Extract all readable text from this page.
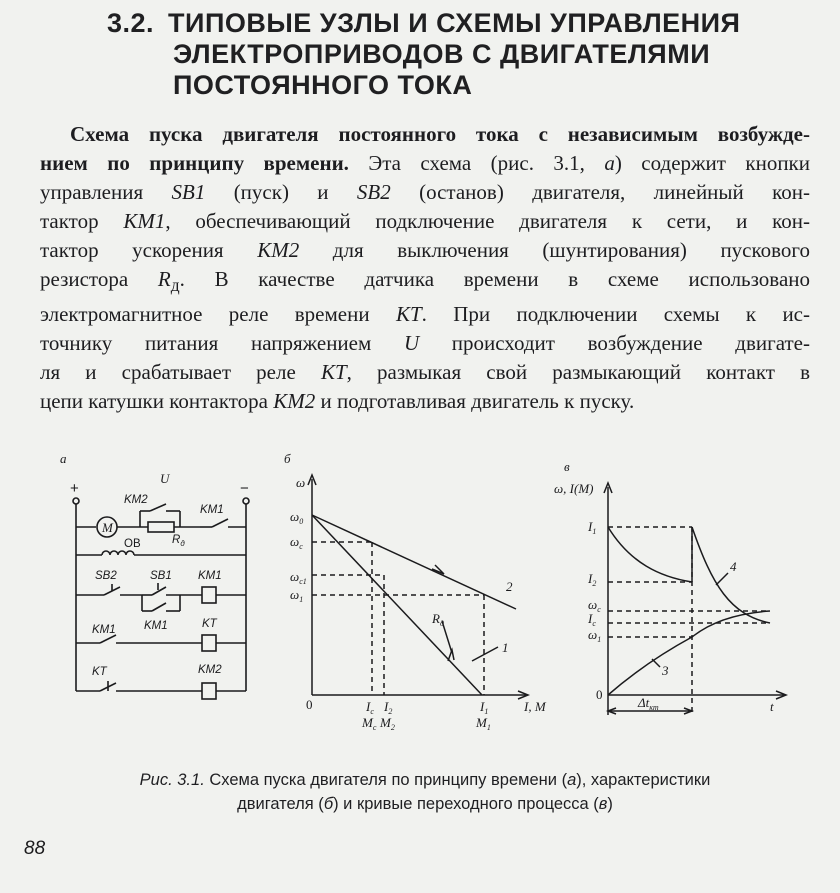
3.2. ТИПОВЫЕ УЗЛЫ И СХЕМЫ УПРАВЛЕНИЯ
ЭЛЕКТРОПРИВОДОВ С ДВИГАТЕЛЯМИ
ПОСТОЯННОГО ТОКА
Схема пуска двигателя постоянного тока с независимым возбужде-
нием по принципу времени. Эта схема (рис. 3.1, а) содержит кнопки
управления SB1 (пуск) и SB2 (останов) двигателя, линейный кон-
тактор KM1, обеспечивающий подключение двигателя к сети, и кон-
тактор ускорения KM2 для выключения (шунтирования) пускового
резистора $R_д$. В качестве датчика времени в схеме использовано
электромагнитное реле времени KT. При подключении схемы к ис-
точнику питания напряжением U происходит возбуждение двигате-
ля и срабатывает реле KT, размыкая свой размыкающий контакт в
цепи катушки контактора KM2 и подготавливая двигатель к пуску.
а
+	−
U
M
KM2
$R_д$
KM1
ОВ
SB2	SB1
KM1
KM1
KM1	KT
KT	KM2
б
ω
I, M
0
$\omega_0$
$\omega_c$
$\omega_{c1}$
$\omega_1$
$I_c$
$M_c$
$I_2$
$M_2$
$I_1$
$M_1$
$R_д$
1
2
в
ω, I(M)
t
0
$I_1$
$I_2$
$\omega_c$
$I_c$
$\omega_1$
3
4
$\Delta t_{кт}$
Рис. 3.1. Схема пуска двигателя по принципу времени (а), характеристики
двигателя (б) и кривые переходного процесса (в)
88
